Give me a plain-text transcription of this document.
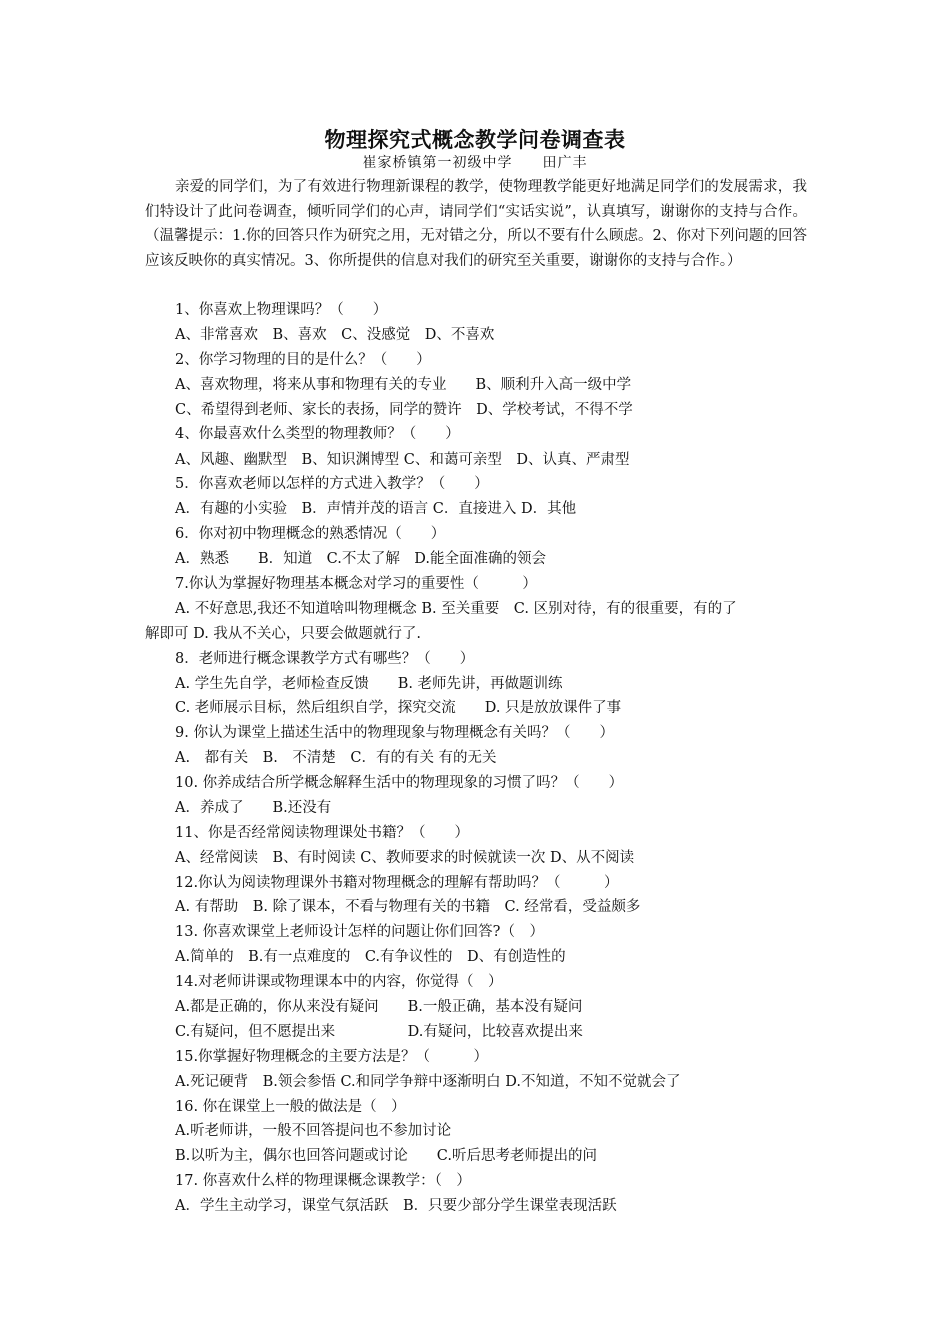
物理探究式概念教学问卷调查表
崔家桥镇第一初级中学　　田广丰

亲爱的同学们，为了有效进行物理新课程的教学，使物理教学能更好地满足同学们的发展需求，我们特设计了此问卷调查，倾听同学们的心声，请同学们“实话实说”，认真填写，谢谢你的支持与合作。（温馨提示：1.你的回答只作为研究之用，无对错之分，所以不要有什么顾虑。2、你对下列问题的回答应该反映你的真实情况。3、你所提供的信息对我们的研究至关重要，谢谢你的支持与合作。）

1、你喜欢上物理课吗？（　　）
A、非常喜欢　B、喜欢　C、没感觉　D、不喜欢
2、你学习物理的目的是什么？（　　）
A、喜欢物理，将来从事和物理有关的专业　　B、顺利升入高一级中学
C、希望得到老师、家长的表扬，同学的赞许　D、学校考试，不得不学
4、你最喜欢什么类型的物理教师？（　　）
A、风趣、幽默型　B、知识渊博型 C、和蔼可亲型　D、认真、严肃型
5．你喜欢老师以怎样的方式进入教学？（　　）
A．有趣的小实验　B．声情并茂的语言 C．直接进入 D．其他
6．你对初中物理概念的熟悉情况（　　）
A．熟悉　　B．知道　C.不太了解　D.能全面准确的领会
7.你认为掌握好物理基本概念对学习的重要性（　　　）
A. 不好意思,我还不知道啥叫物理概念 B. 至关重要　C. 区别对待，有的很重要，有的了
解即可 D. 我从不关心，只要会做题就行了.
8．老师进行概念课教学方式有哪些？（　　）
A. 学生先自学，老师检查反馈　　B. 老师先讲，再做题训练
C. 老师展示目标，然后组织自学，探究交流　　D. 只是放放课件了事
9. 你认为课堂上描述生活中的物理现象与物理概念有关吗？（　　）
A.　都有关　B.　不清楚　C．有的有关 有的无关
10. 你养成结合所学概念解释生活中的物理现象的习惯了吗？（　　）
A．养成了　　B.还没有
11、你是否经常阅读物理课处书籍？（　　）
A、经常阅读　B、有时阅读 C、教师要求的时候就读一次 D、从不阅读
12.你认为阅读物理课外书籍对物理概念的理解有帮助吗？（　　　）
A. 有帮助　B. 除了课本，不看与物理有关的书籍　C. 经常看，受益颇多
13. 你喜欢课堂上老师设计怎样的问题让你们回答?（　）
A.简单的　B.有一点难度的　C.有争议性的　D、有创造性的
14.对老师讲课或物理课本中的内容，你觉得（　）
A.都是正确的，你从来没有疑问　　B.一般正确，基本没有疑问
C.有疑问，但不愿提出来　　　　　D.有疑问，比较喜欢提出来
15.你掌握好物理概念的主要方法是？（　　　）
A.死记硬背　B.领会参悟 C.和同学争辩中逐渐明白 D.不知道，不知不觉就会了
16. 你在课堂上一般的做法是（　）
A.听老师讲，一般不回答提问也不参加讨论
B.以听为主，偶尔也回答问题或讨论　　C.听后思考老师提出的问
17. 你喜欢什么样的物理课概念课教学：（　）
A．学生主动学习，课堂气氛活跃　B．只要少部分学生课堂表现活跃
